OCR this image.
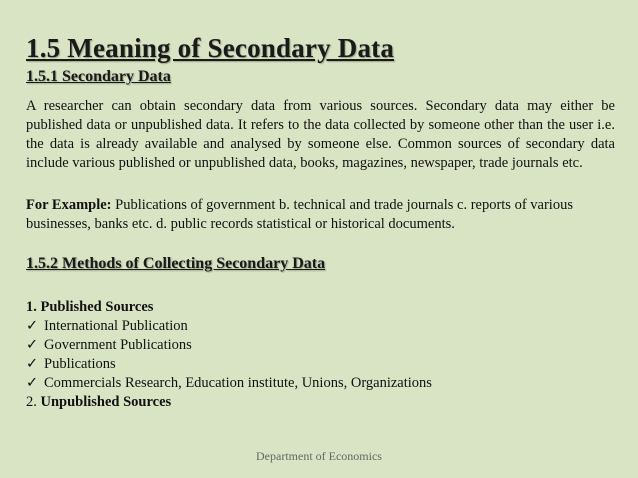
1.5 Meaning of Secondary Data
1.5.1 Secondary Data

A researcher can obtain secondary data from various sources. Secondary data may either be published data or unpublished data. It refers to the data collected by someone other than the user i.e. the data is already available and analysed by someone else. Common sources of secondary data include various published or unpublished data, books, magazines, newspaper, trade journals etc.

For Example: Publications of government b. technical and trade journals c. reports of various businesses, banks etc. d. public records statistical or historical documents.

1.5.2 Methods of Collecting Secondary Data
1. Published Sources
✓ International Publication
✓ Government Publications
✓ Publications
✓ Commercials Research, Education institute, Unions, Organizations
2. Unpublished Sources
Department of Economics
